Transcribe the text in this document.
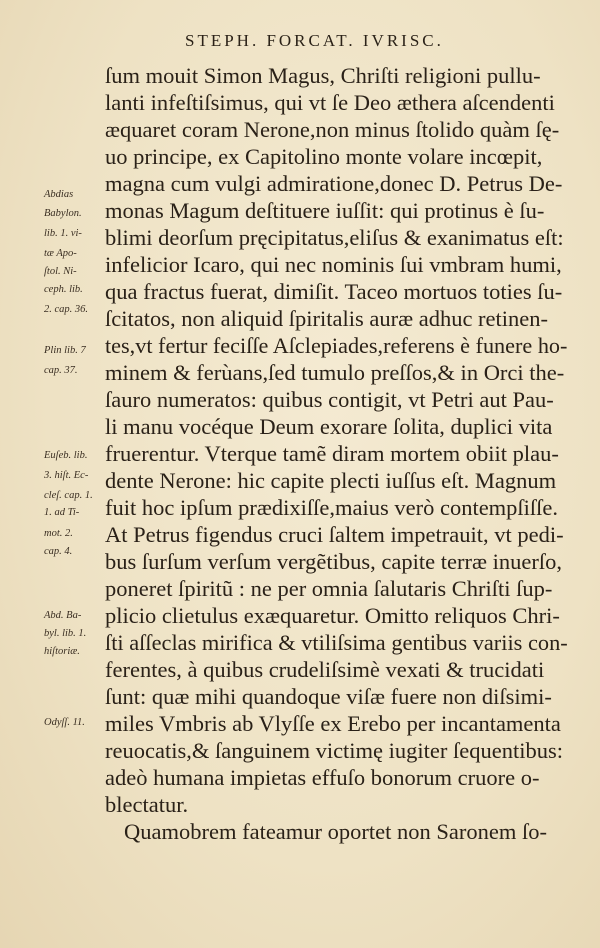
STEPH. FORCAT. IVRISC.
ſum mouit Simon Magus, Chriſti religioni pullu-
lanti infeſtiſsimus, qui vt ſe Deo æthera aſcendenti
æquaret coram Nerone,non minus ſtolido quàm ſę-
uo principe, ex Capitolino monte volare incœpit,
magna cum vulgi admiratione,donec D. Petrus De-
monas Magum deſtituere iuſſit: qui protinus è ſu-
blimi deorſum pręcipitatus,eliſus & exanimatus eſt:
infelicior Icaro, qui nec nominis ſui vmbram humi,
qua fractus fuerat, dimiſit. Taceo mortuos toties ſu-
ſcitatos, non aliquid ſpiritalis auræ adhuc retinen-
tes,vt fertur feciſſe Aſclepiades,referens è funere ho-
minem & ferùans,ſed tumulo preſſos,& in Orci the-
ſauro numeratos: quibus contigit, vt Petri aut Pau-
li manu vocéque Deum exorare ſolita, duplici vita
fruerentur. Vterque tamẽ diram mortem obiit plau-
dente Nerone: hic capite plecti iuſſus eſt. Magnum
fuit hoc ipſum prædixiſſe,maius verò contempſiſſe.
At Petrus figendus cruci ſaltem impetrauit, vt pedi-
bus ſurſum verſum vergẽtibus, capite terræ inuerſo,
poneret ſpiritũ : ne per omnia ſalutaris Chriſti ſup-
plicio clietulus exæquaretur. Omitto reliquos Chri-
ſti aſſeclas mirifica & vtiliſsima gentibus variis con-
ferentes, à quibus crudeliſsimè vexati & trucidati
ſunt: quæ mihi quandoque viſæ fuere non diſsimi-
miles Vmbris ab Vlyſſe ex Erebo per incantamenta
reuocatis,& ſanguinem victimę iugiter ſequentibus:
adeò humana impietas effuſo bonorum cruore o-
blectatur.
Quamobrem fateamur oportet non Saronem ſo-
Abdias
Babylon.
lib. 1. vi-
tæ Apo-
ſtol. Ni-
ceph. lib.
2. cap. 36.
Plin lib. 7
cap. 37.
Euſeb. lib.
3. hiſt. Ec-
cleſ. cap. 1.
1. ad Ti-
mot. 2.
cap. 4.
Abd. Ba-
byl. lib. 1.
hiſtoriæ.
Odyſſ. 11.
